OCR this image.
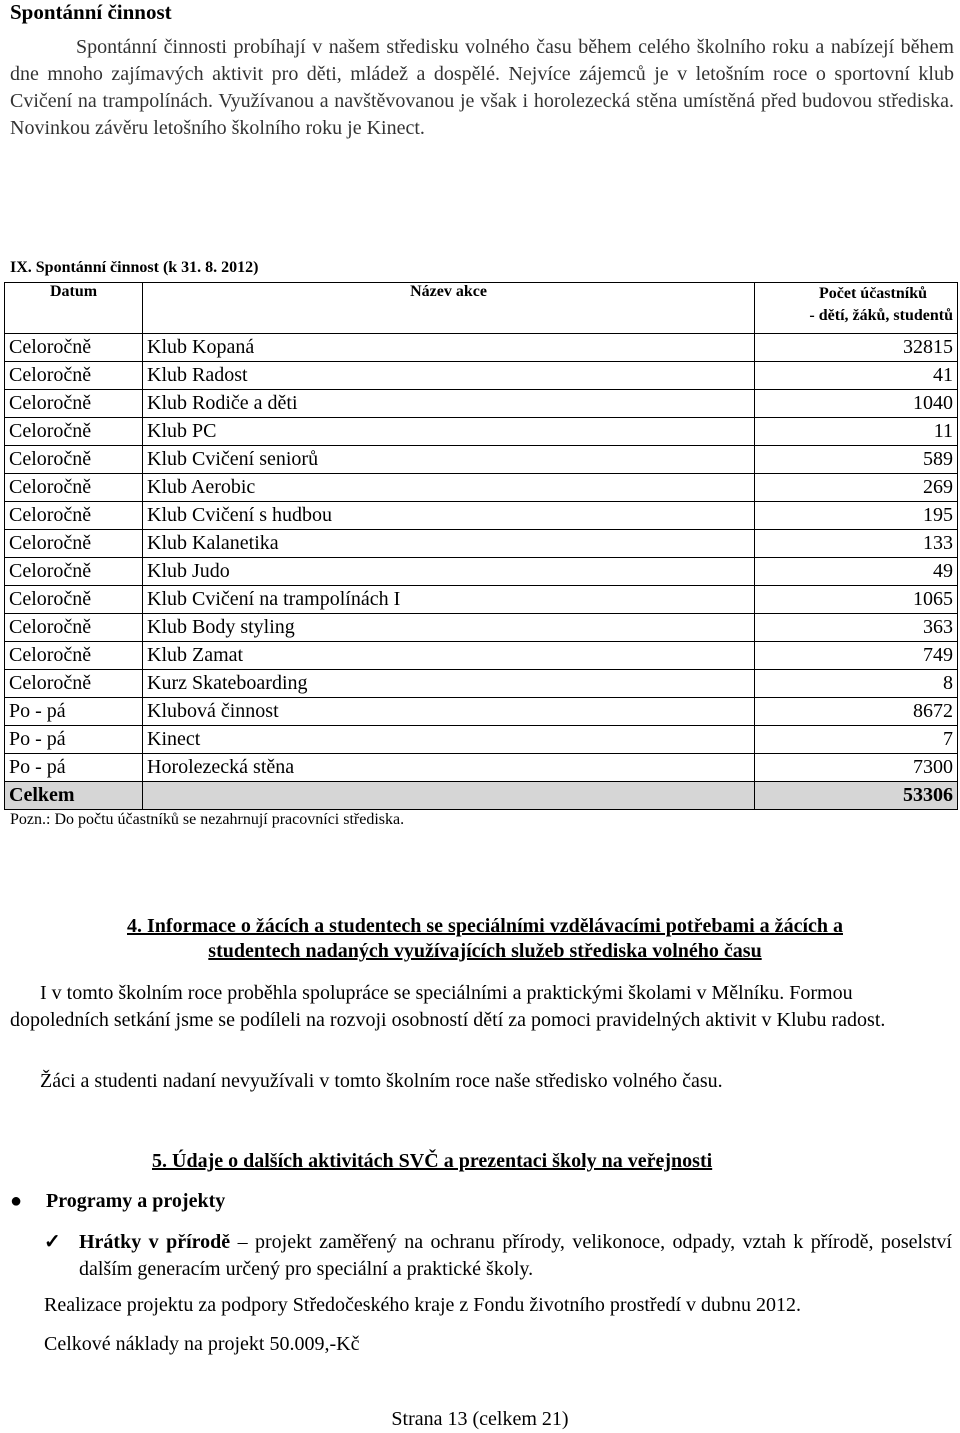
Spontánní činnost
Spontánní činnosti probíhají v našem středisku volného času během celého školního roku a nabízejí během dne mnoho zajímavých aktivit pro děti, mládež a dospělé. Nejvíce zájemců je v letošním roce o sportovní klub Cvičení na trampolínách. Využívanou a navštěvovanou je však i horolezecká stěna umístěná před budovou střediska. Novinkou závěru letošního školního roku je Kinect.
IX. Spontánní činnost (k 31. 8. 2012)
Datum	Název akce	Počet účastníků
- dětí, žáků, studentů

Celoročně	Klub Kopaná	32815
Celoročně	Klub Radost	41
Celoročně	Klub Rodiče a děti	1040
Celoročně	Klub PC	11
Celoročně	Klub Cvičení seniorů	589
Celoročně	Klub Aerobic	269
Celoročně	Klub Cvičení s hudbou	195
Celoročně	Klub Kalanetika	133
Celoročně	Klub Judo	49
Celoročně	Klub Cvičení na trampolínách I	1065
Celoročně	Klub Body styling	363
Celoročně	Klub Zamat	749
Celoročně	Kurz Skateboarding	8
Po - pá	Klubová činnost	8672
Po - pá	Kinect	7
Po - pá	Horolezecká stěna	7300
Celkem		53306
Pozn.: Do počtu účastníků se nezahrnují pracovníci střediska.
4. Informace o žácích a studentech se speciálními vzdělávacími potřebami a žácích a
studentech nadaných využívajících služeb střediska volného času
I v tomto školním roce proběhla spolupráce se speciálními a praktickými školami v Mělníku. Formou dopoledních setkání jsme se podíleli na rozvoji osobností dětí za pomoci pravidelných aktivit v Klubu radost.
Žáci a studenti nadaní nevyužívali v tomto školním roce naše středisko volného času.
5. Údaje o dalších aktivitách SVČ a prezentaci školy na veřejnosti
● Programy a projekty
✓ Hrátky v přírodě – projekt zaměřený na ochranu přírody, velikonoce, odpady, vztah k přírodě, poselství dalším generacím určený pro speciální a praktické školy.
Realizace projektu za podpory Středočeského kraje z Fondu životního prostředí v dubnu 2012.
Celkové náklady na projekt 50.009,-Kč
Strana 13 (celkem 21)
